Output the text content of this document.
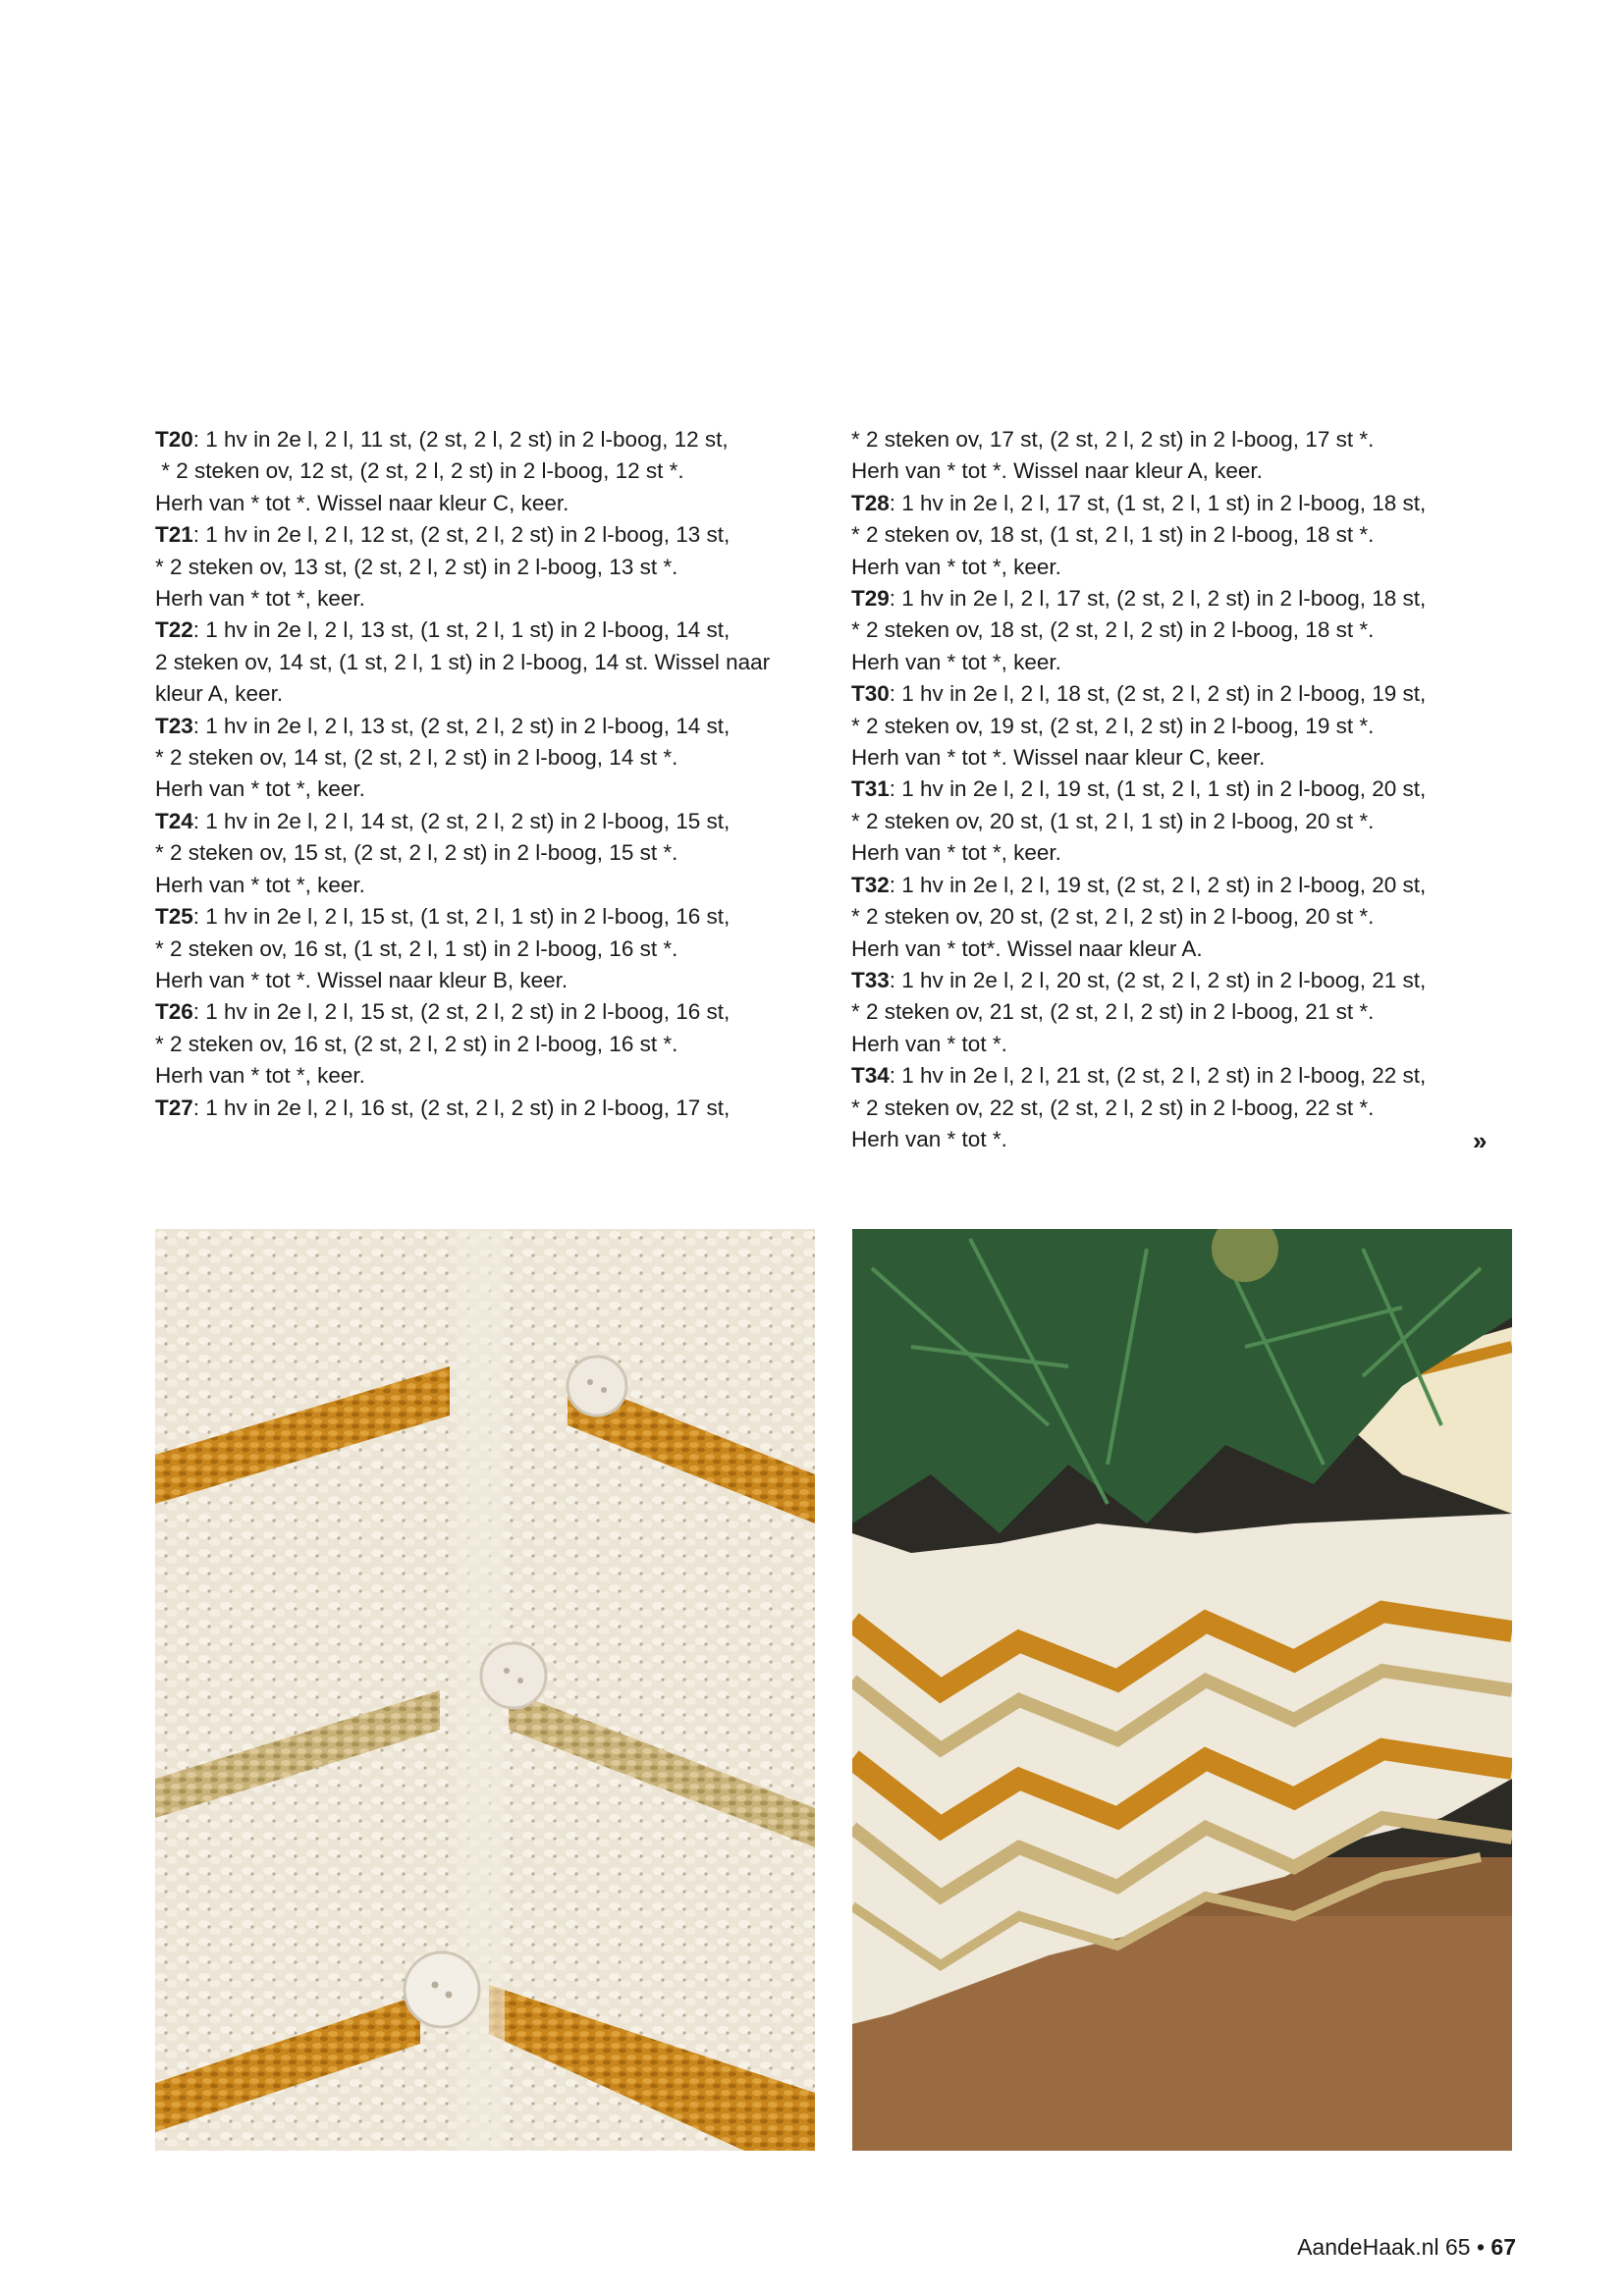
T20: 1 hv in 2e l, 2 l, 11 st, (2 st, 2 l, 2 st) in 2 l-boog, 12 st,
* 2 steken ov, 12 st, (2 st, 2 l, 2 st) in 2 l-boog, 12 st *.
Herh van * tot *. Wissel naar kleur C, keer.

T21: 1 hv in 2e l, 2 l, 12 st, (2 st, 2 l, 2 st) in 2 l-boog, 13 st,
* 2 steken ov, 13 st, (2 st, 2 l, 2 st) in 2 l-boog, 13 st *.
Herh van * tot *, keer.

T22: 1 hv in 2e l, 2 l, 13 st, (1 st, 2 l, 1 st) in 2 l-boog, 14 st,
2 steken ov, 14 st, (1 st, 2 l, 1 st) in 2 l-boog, 14 st. Wissel naar
kleur A, keer.

T23: 1 hv in 2e l, 2 l, 13 st, (2 st, 2 l, 2 st) in 2 l-boog, 14 st,
* 2 steken ov, 14 st, (2 st, 2 l, 2 st) in 2 l-boog, 14 st *.
Herh van * tot *, keer.

T24: 1 hv in 2e l, 2 l, 14 st, (2 st, 2 l, 2 st) in 2 l-boog, 15 st,
* 2 steken ov, 15 st, (2 st, 2 l, 2 st) in 2 l-boog, 15 st *.
Herh van * tot *, keer.

T25: 1 hv in 2e l, 2 l, 15 st, (1 st, 2 l, 1 st) in 2 l-boog, 16 st,
* 2 steken ov, 16 st, (1 st, 2 l, 1 st) in 2 l-boog, 16 st *.
Herh van * tot *. Wissel naar kleur B, keer.

T26: 1 hv in 2e l, 2 l, 15 st, (2 st, 2 l, 2 st) in 2 l-boog, 16 st,
* 2 steken ov, 16 st, (2 st, 2 l, 2 st) in 2 l-boog, 16 st *.
Herh van * tot *, keer.

T27: 1 hv in 2e l, 2 l, 16 st, (2 st, 2 l, 2 st) in 2 l-boog, 17 st,

* 2 steken ov, 17 st, (2 st, 2 l, 2 st) in 2 l-boog, 17 st *.
Herh van * tot *. Wissel naar kleur A, keer.

T28: 1 hv in 2e l, 2 l, 17 st, (1 st, 2 l, 1 st) in 2 l-boog, 18 st,
* 2 steken ov, 18 st, (1 st, 2 l, 1 st) in 2 l-boog, 18 st *.
Herh van * tot *, keer.

T29: 1 hv in 2e l, 2 l, 17 st, (2 st, 2 l, 2 st) in 2 l-boog, 18 st,
* 2 steken ov, 18 st, (2 st, 2 l, 2 st) in 2 l-boog, 18 st *.
Herh van * tot *, keer.

T30: 1 hv in 2e l, 2 l, 18 st, (2 st, 2 l, 2 st) in 2 l-boog, 19 st,
* 2 steken ov, 19 st, (2 st, 2 l, 2 st) in 2 l-boog, 19 st *.
Herh van * tot *. Wissel naar kleur C, keer.

T31: 1 hv in 2e l, 2 l, 19 st, (1 st, 2 l, 1 st) in 2 l-boog, 20 st,
* 2 steken ov, 20 st, (1 st, 2 l, 1 st) in 2 l-boog, 20 st *.
Herh van * tot *, keer.

T32: 1 hv in 2e l, 2 l, 19 st, (2 st, 2 l, 2 st) in 2 l-boog, 20 st,
* 2 steken ov, 20 st, (2 st, 2 l, 2 st) in 2 l-boog, 20 st *.
Herh van * tot*. Wissel naar kleur A.

T33: 1 hv in 2e l, 2 l, 20 st, (2 st, 2 l, 2 st) in 2 l-boog, 21 st,
* 2 steken ov, 21 st, (2 st, 2 l, 2 st) in 2 l-boog, 21 st *.
Herh van * tot *.

T34: 1 hv in 2e l, 2 l, 21 st, (2 st, 2 l, 2 st) in 2 l-boog, 22 st,
* 2 steken ov, 22 st, (2 st, 2 l, 2 st) in 2 l-boog, 22 st *.
Herh van * tot *.	»
AandeHaak.nl 65 • 67
